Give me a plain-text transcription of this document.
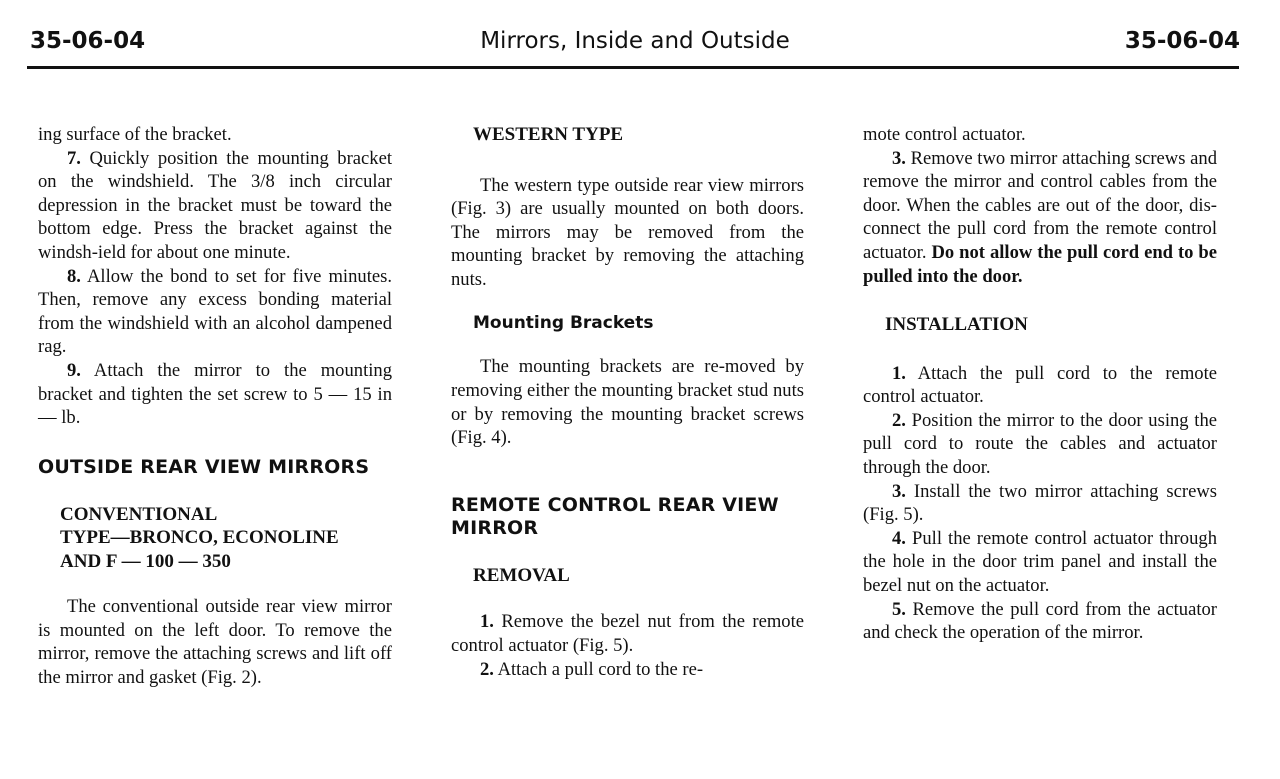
35-06-04	Mirrors, Inside and Outside	35-06-04

ing surface of the bracket.

7. Quickly position the mounting bracket on the windshield. The 3/8 inch circular depression in the bracket must be toward the bottom edge. Press the bracket against the windsh-ield for about one minute.

8. Allow the bond to set for five minutes. Then, remove any excess bonding material from the windshield with an alcohol dampened rag.

9. Attach the mirror to the mounting bracket and tighten the set screw to 5 — 15 in — lb.

OUTSIDE REAR VIEW MIRRORS
CONVENTIONAL
TYPE—BRONCO, ECONOLINE
AND F — 100 — 350

The conventional outside rear view mirror is mounted on the left door. To remove the mirror, remove the attaching screws and lift off the mirror and gasket (Fig. 2).

WESTERN TYPE

The western type outside rear view mirrors (Fig. 3) are usually mounted on both doors. The mirrors may be removed from the mounting bracket by removing the attaching nuts.

Mounting Brackets

The mounting brackets are re-moved by removing either the mounting bracket stud nuts or by removing the mounting bracket screws (Fig. 4).

REMOTE CONTROL REAR VIEW MIRROR
REMOVAL

1. Remove the bezel nut from the remote control actuator (Fig. 5).

2. Attach a pull cord to the re-

mote control actuator.

3. Remove two mirror attaching screws and remove the mirror and control cables from the door. When the cables are out of the door, dis-connect the pull cord from the remote control actuator. Do not allow the pull cord end to be pulled into the door.

INSTALLATION

1. Attach the pull cord to the remote control actuator.

2. Position the mirror to the door using the pull cord to route the cables and actuator through the door.

3. Install the two mirror attaching screws (Fig. 5).

4. Pull the remote control actuator through the hole in the door trim panel and install the bezel nut on the actuator.

5. Remove the pull cord from the actuator and check the operation of the mirror.
